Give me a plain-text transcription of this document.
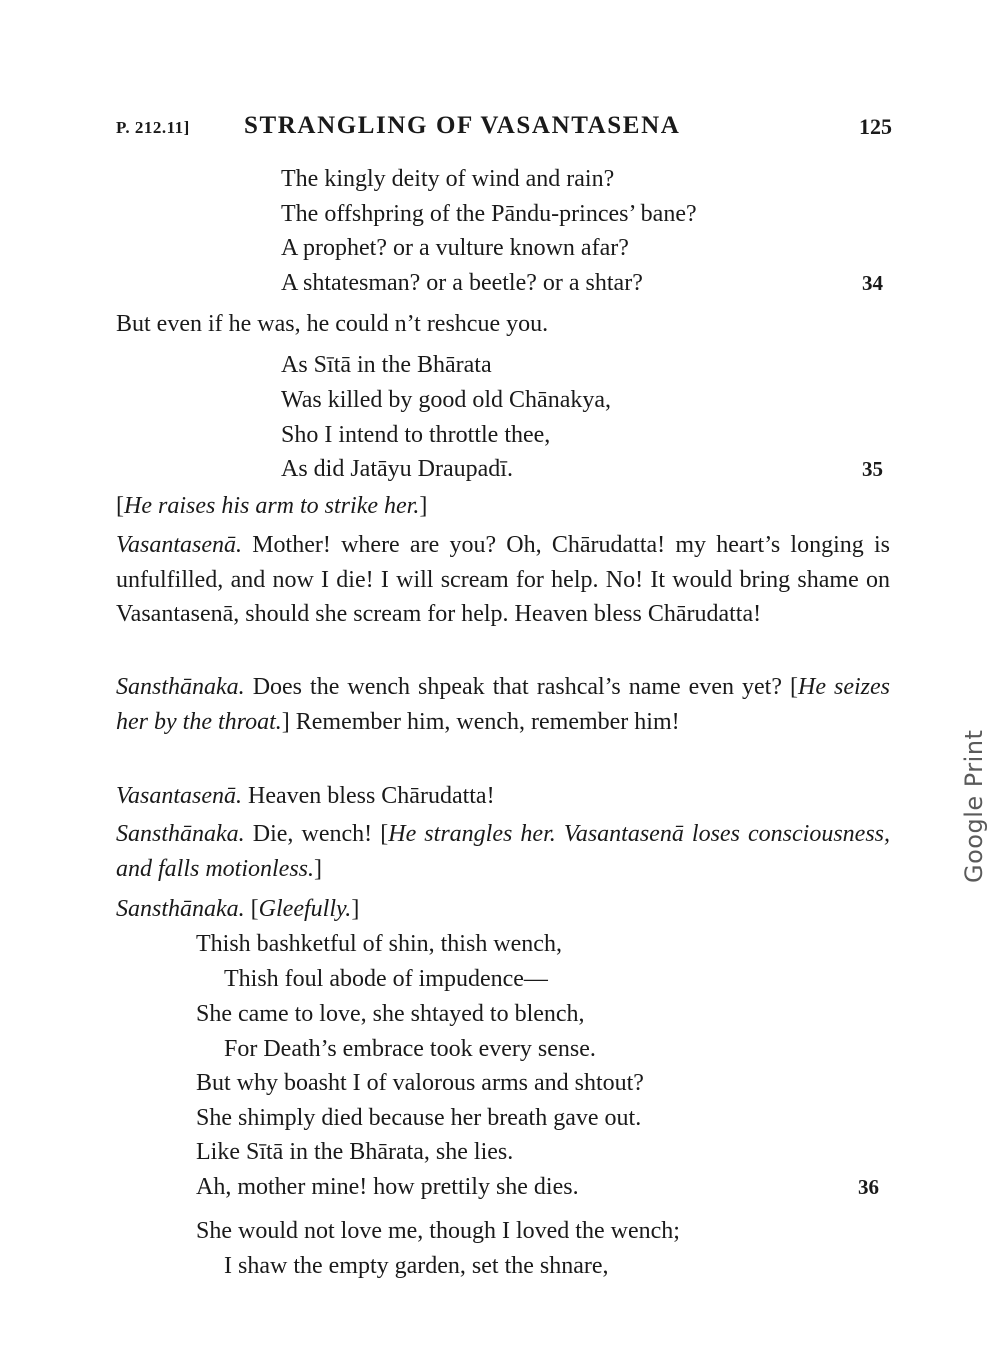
P. 212.11] STRANGLING OF VASANTASENA	125
The kingly deity of wind and rain?
The offshpring of the Pāndu-princes’ bane?
A prophet? or a vulture known afar?
A shtatesman? or a beetle? or a shtar?	34
But even if he was, he could n’t reshcue you.
As Sītā in the Bhārata
Was killed by good old Chānakya,
Sho I intend to throttle thee,
As did Jatāyu Draupadī.	35
[He raises his arm to strike her.]

Vasantasenā. Mother! where are you? Oh, Chārudatta! my heart’s longing is unfulfilled, and now I die! I will scream for help. No! It would bring shame on Vasantasenā, should she scream for help. Heaven bless Chārudatta!

Sansthānaka. Does the wench shpeak that rashcal’s name even yet? [He seizes her by the throat.] Remember him, wench, remember him!

Vasantasenā. Heaven bless Chārudatta!

Sansthānaka. Die, wench! [He strangles her. Vasantasenā loses consciousness, and falls motionless.]

Sansthānaka. [Gleefully.]

Thish bashketful of shin, thish wench,
Thish foul abode of impudence—
She came to love, she shtayed to blench,
For Death’s embrace took every sense.
But why boasht I of valorous arms and shtout?
She shimply died because her breath gave out.
Like Sītā in the Bhārata, she lies.
Ah, mother mine! how prettily she dies.	36
She would not love me, though I loved the wench;
I shaw the empty garden, set the shnare,
Google Print
